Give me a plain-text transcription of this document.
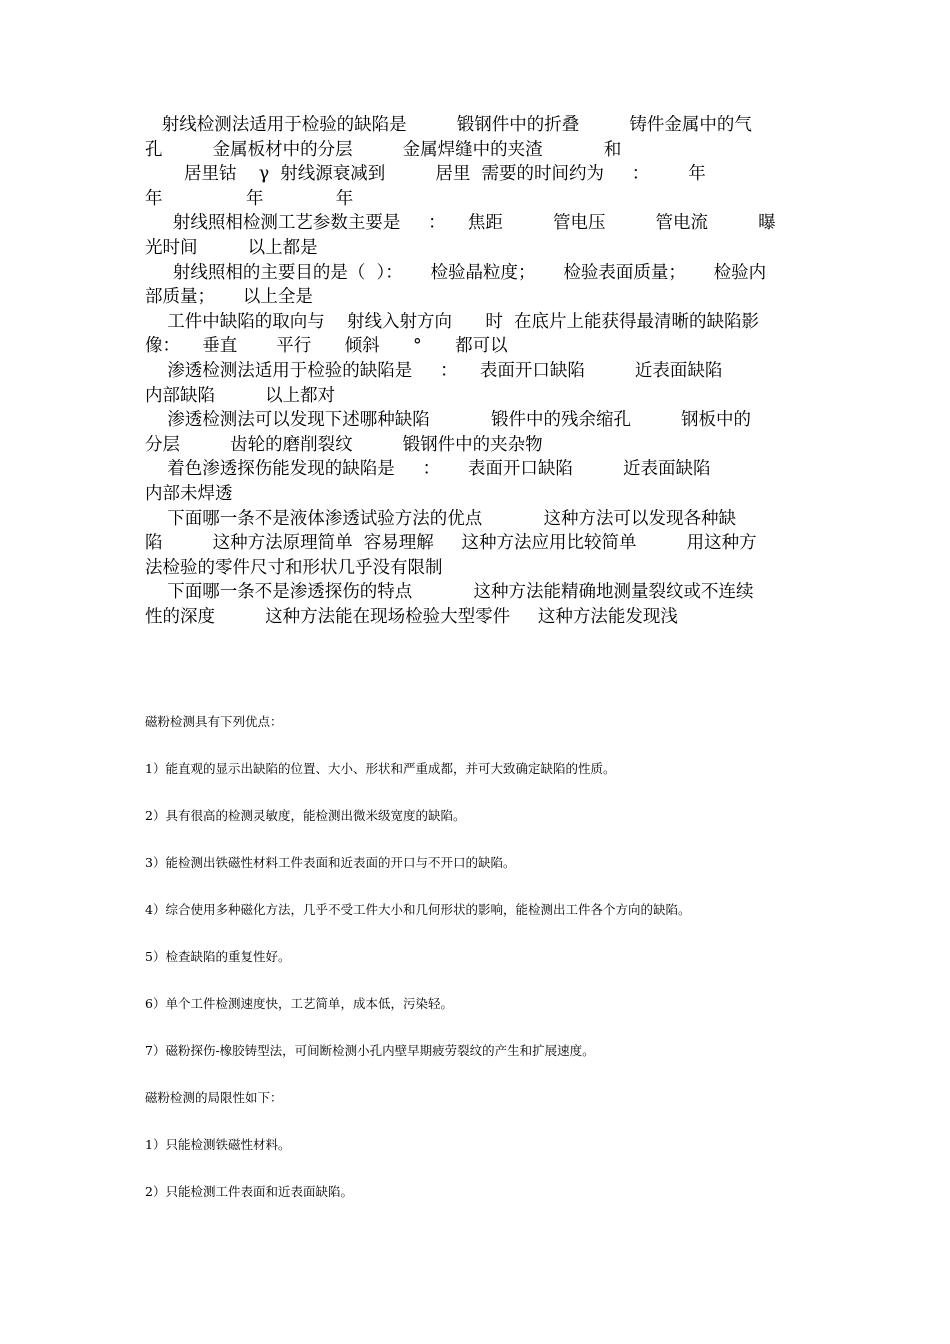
射线检测法适用于检验的缺陷是         锻钢件中的折叠         铸件金属中的气
孔         金属板材中的分层         金属焊缝中的夹渣           和
居里钴    γ  射线源衰减到         居里  需要的时间约为     ：       年
年               年             年
射线照相检测工艺参数主要是     ：    焦距         管电压         管电流         曝
光时间         以上都是
射线照相的主要目的是（  ）：     检验晶粒度；     检验表面质量；     检验内
部质量；     以上全是
工件中缺陷的取向与    射线入射方向      时  在底片上能获得最清晰的缺陷影
像：    垂直       平行      倾斜      °      都可以
渗透检测法适用于检验的缺陷是     ：    表面开口缺陷         近表面缺陷
内部缺陷         以上都对
渗透检测法可以发现下述哪种缺陷           锻件中的残余缩孔         钢板中的
分层         齿轮的磨削裂纹         锻钢件中的夹杂物
着色渗透探伤能发现的缺陷是     ：     表面开口缺陷         近表面缺陷
内部未焊透
下面哪一条不是液体渗透试验方法的优点           这种方法可以发现各种缺
陷         这种方法原理简单  容易理解     这种方法应用比较简单         用这种方
法检验的零件尺寸和形状几乎没有限制
下面哪一条不是渗透探伤的特点           这种方法能精确地测量裂纹或不连续
性的深度         这种方法能在现场检验大型零件     这种方法能发现浅

磁粉检测具有下列优点：

1）能直观的显示出缺陷的位置、大小、形状和严重成都，并可大致确定缺陷的性质。

2）具有很高的检测灵敏度，能检测出微米级宽度的缺陷。

3）能检测出铁磁性材料工件表面和近表面的开口与不开口的缺陷。

4）综合使用多种磁化方法，几乎不受工件大小和几何形状的影响，能检测出工件各个方向的缺陷。

5）检查缺陷的重复性好。

6）单个工件检测速度快，工艺简单，成本低，污染轻。

7）磁粉探伤-橡胶铸型法，可间断检测小孔内壁早期疲劳裂纹的产生和扩展速度。

磁粉检测的局限性如下：

1）只能检测铁磁性材料。

2）只能检测工件表面和近表面缺陷。
